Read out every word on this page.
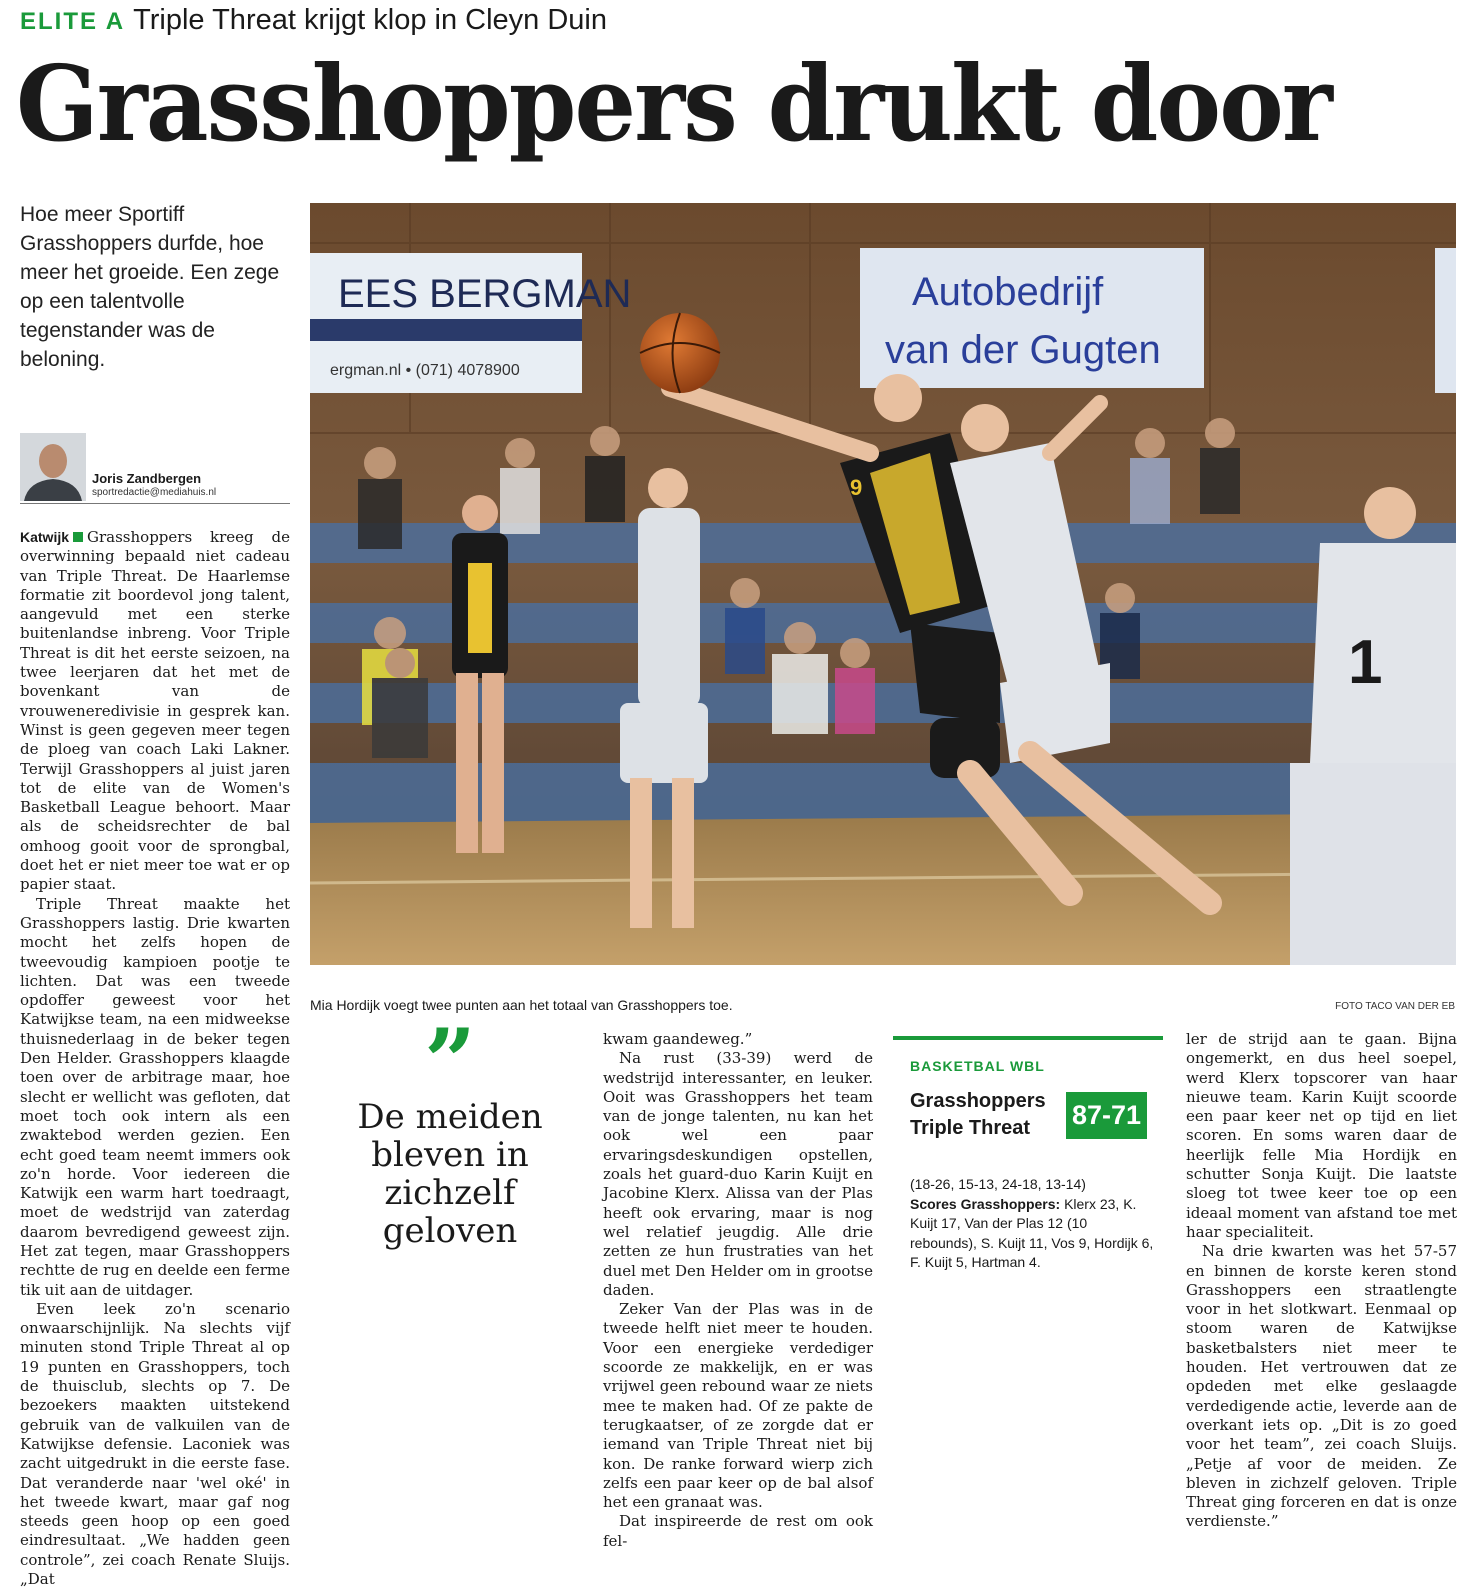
ELITE A Triple Threat krijgt klop in Cleyn Duin
Grasshoppers drukt door
Hoe meer Sportiff Grasshoppers durfde, hoe meer het groeide. Een zege op een talentvolle tegenstander was de beloning.
Joris Zandbergen
sportredactie@mediahuis.nl

Katwijk Grasshoppers kreeg de overwinning bepaald niet cadeau van Triple Threat. De Haarlemse formatie zit boordevol jong talent, aangevuld met een sterke buitenlandse inbreng. Voor Triple Threat is dit het eerste seizoen, na twee leerjaren dat het met de bovenkant van de vrouweneredivisie in gesprek kan. Winst is geen gegeven meer tegen de ploeg van coach Laki Lakner. Terwijl Grasshoppers al juist jaren tot de elite van de Women's Basketball League behoort. Maar als de scheidsrechter de bal omhoog gooit voor de sprongbal, doet het er niet meer toe wat er op papier staat.

Triple Threat maakte het Grasshoppers lastig. Drie kwarten mocht het zelfs hopen de tweevoudig kampioen pootje te lichten. Dat was een tweede opdoffer geweest voor het Katwijkse team, na een midweekse thuisnederlaag in de beker tegen Den Helder. Grasshoppers klaagde toen over de arbitrage maar, hoe slecht er wellicht was gefloten, dat moet toch ook intern als een zwaktebod werden gezien. Een echt goed team neemt immers ook zo'n horde. Voor iedereen die Katwijk een warm hart toedraagt, moet de wedstrijd van zaterdag daarom bevredigend geweest zijn. Het zat tegen, maar Grasshoppers rechtte de rug en deelde een ferme tik uit aan de uitdager.

Even leek zo'n scenario onwaarschijnlijk. Na slechts vijf minuten stond Triple Threat al op 19 punten en Grasshoppers, toch de thuisclub, slechts op 7. De bezoekers maakten uitstekend gebruik van de valkuilen van de Katwijkse defensie. Laconiek was zacht uitgedrukt in die eerste fase. Dat veranderde naar 'wel oké' in het tweede kwart, maar gaf nog steeds geen hoop op een goed eindresultaat. „We hadden geen controle”, zei coach Renate Sluijs. „Dat

EES BERGMAN
ergman.nl • (071) 4078900
Autobedrijf
van der Gugten
9
1
Mia Hordijk voegt twee punten aan het totaal van Grasshoppers toe.	FOTO TACO VAN DER EB
”
De meiden bleven in zichzelf geloven

kwam gaandeweg.”

Na rust (33-39) werd de wedstrijd interessanter, en leuker. Ooit was Grasshoppers het team van de jonge talenten, nu kan het ook wel een paar ervaringsdeskundigen opstellen, zoals het guard-duo Karin Kuijt en Jacobine Klerx. Alissa van der Plas heeft ook ervaring, maar is nog wel relatief jeugdig. Alle drie zetten ze hun frustraties van het duel met Den Helder om in grootse daden.

Zeker Van der Plas was in de tweede helft niet meer te houden. Voor een energieke verdediger scoorde ze makkelijk, en er was vrijwel geen rebound waar ze niets mee te maken had. Of ze pakte de terugkaatser, of ze zorgde dat er iemand van Triple Threat niet bij kon. De ranke forward wierp zich zelfs een paar keer op de bal alsof het een granaat was.

Dat inspireerde de rest om ook fel-

BASKETBAL WBL
Grasshoppers
Triple Threat	87-71
(18-26, 15-13, 24-18, 13-14)
Scores Grasshoppers: Klerx 23, K. Kuijt 17, Van der Plas 12 (10 rebounds), S. Kuijt 11, Vos 9, Hordijk 6, F. Kuijt 5, Hartman 4.

ler de strijd aan te gaan. Bijna ongemerkt, en dus heel soepel, werd Klerx topscorer van haar nieuwe team. Karin Kuijt scoorde een paar keer net op tijd en liet scoren. En soms waren daar de heerlijk felle Mia Hordijk en schutter Sonja Kuijt. Die laatste sloeg tot twee keer toe op een ideaal moment van afstand toe met haar specialiteit.

Na drie kwarten was het 57-57 en binnen de korste keren stond Grasshoppers een straatlengte voor in het slotkwart. Eenmaal op stoom waren de Katwijkse basketbalsters niet meer te houden. Het vertrouwen dat ze opdeden met elke geslaagde verdedigende actie, leverde aan de overkant iets op. „Dit is zo goed voor het team”, zei coach Sluijs. „Petje af voor de meiden. Ze bleven in zichzelf geloven. Triple Threat ging forceren en dat is onze verdienste.”
